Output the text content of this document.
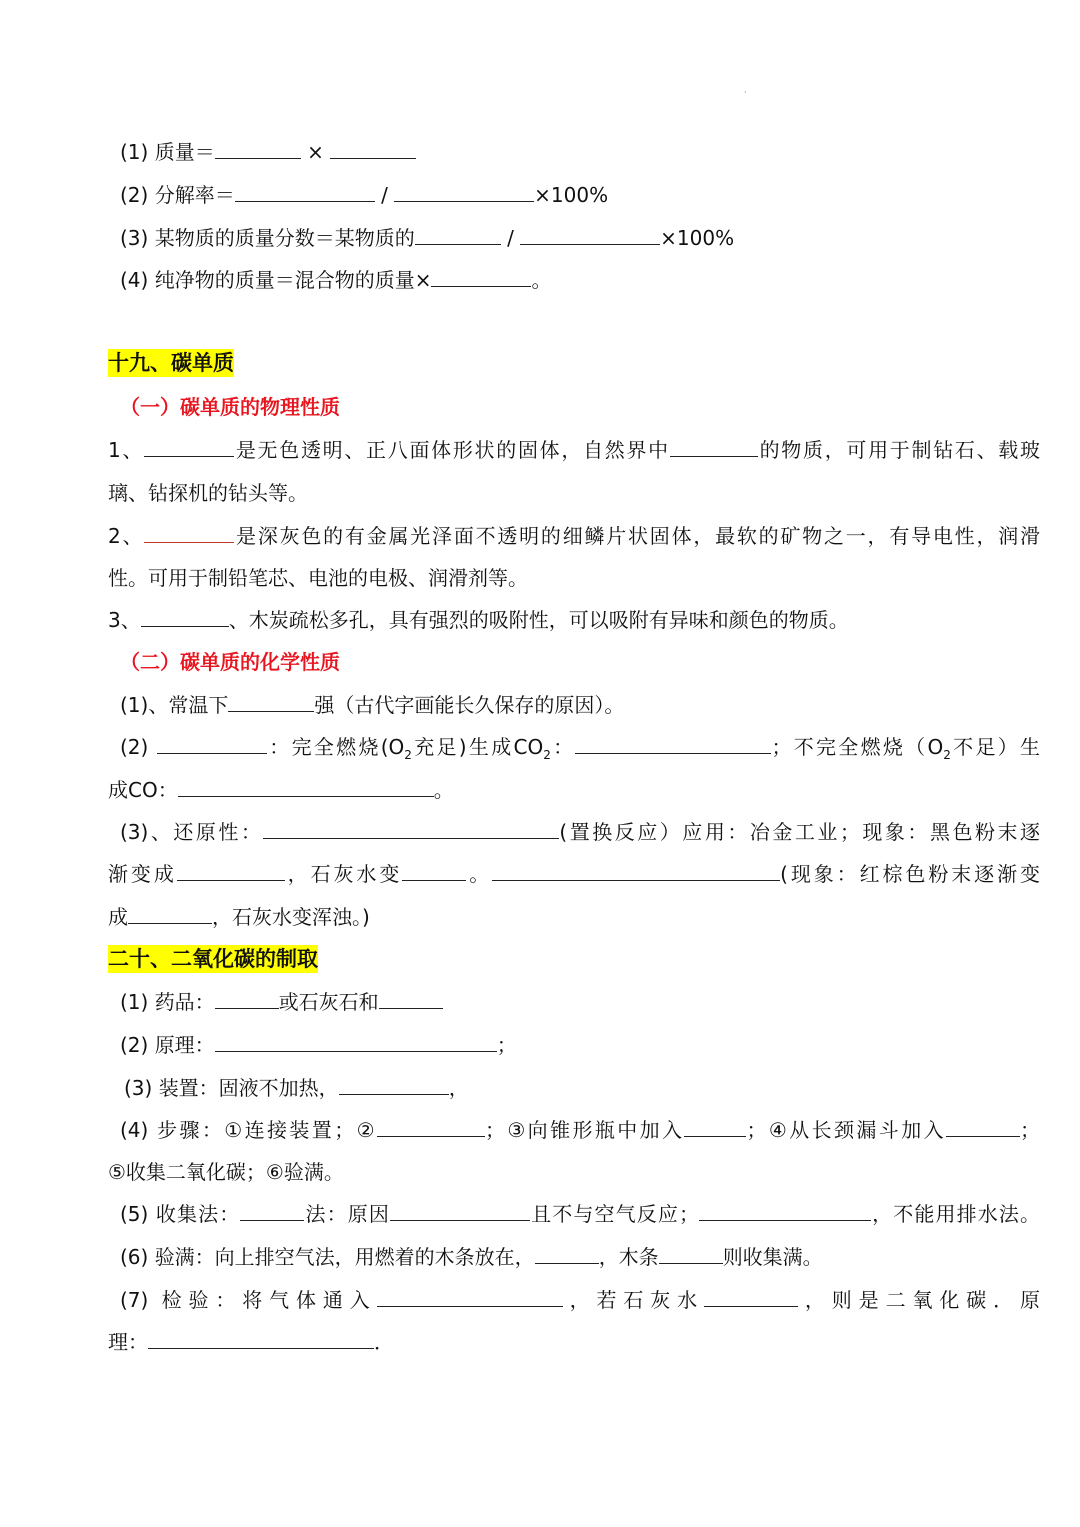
·
(1) 质量＝	×
(2) 分解率＝	/	×100%
(3) 某物质的质量分数＝某物质的	/	×100%
(4) 纯净物的质量＝混合物的质量×	。
十九、碳单质
（一）碳单质的物理性质
1、	是无色透明、正八面体形状的固体，自然界中	的物质，可用于制钻石、载玻
璃、钻探机的钻头等。
2、	是深灰色的有金属光泽面不透明的细鳞片状固体，最软的矿物之一，有导电性，润滑
性。可用于制铅笔芯、电池的电极、润滑剂等。
3、	、木炭疏松多孔，具有强烈的吸附性，可以吸附有异味和颜色的物质。
（二）碳单质的化学性质
(1)、常温下	强（古代字画能长久保存的原因）。
(2)	：完全燃烧($O_2$充足)生成$CO_2$：	；不完全燃烧（$O_2$不足）生
成CO：	。
(3)、还原性：	(置换反应）应用：冶金工业；现象：黑色粉末逐
渐变成	，石灰水变	。	(现象：红棕色粉末逐渐变
成	，石灰水变浑浊。)
二十、二氧化碳的制取
(1) 药品：	或石灰石和
(2) 原理：	；
(3) 装置：固液不加热，	，
(4) 步骤：①连接装置；②	；③向锥形瓶中加入	；④从长颈漏斗加入	；
⑤收集二氧化碳；⑥验满。
(5) 收集法：	法：原因	且不与空气反应；	，不能用排水法。
(6) 验满：向上排空气法，用燃着的木条放在，	，木条	则收集满。
(7) 检验：将气体通入	，若石灰水	，则是二氧化碳．原
理：	．
